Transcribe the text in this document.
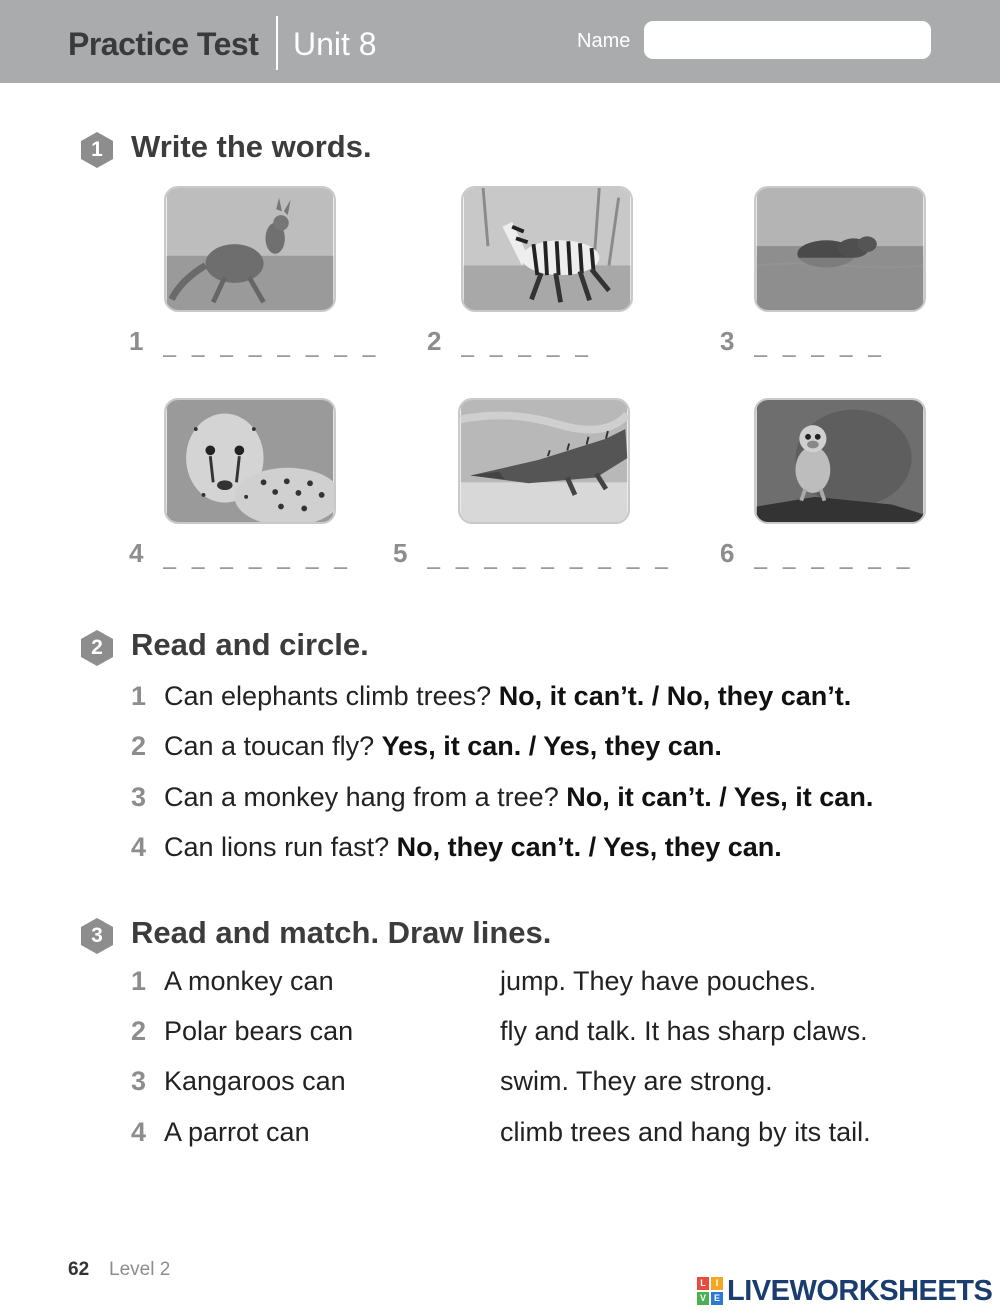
Practice Test Unit 8	Name
1 Write the words.
1 _ _ _ _ _ _ _ _ 2 _ _ _ _ _	3 _ _ _ _ _
4 _ _ _ _ _ _ _ 5 _ _ _ _ _ _ _ _ _ 6 _ _ _ _ _ _
2 Read and circle.
1 Can elephants climb trees? No, it can’t. / No, they can’t.
2 Can a toucan fly? Yes, it can. / Yes, they can.
3 Can a monkey hang from a tree? No, it can’t. / Yes, it can.
4 Can lions run fast? No, they can’t. / Yes, they can.
3 Read and match. Draw lines.
1 A monkey can	jump. They have pouches.
2 Polar bears can	fly and talk. It has sharp claws.
3 Kangaroos can	swim. They are strong.
4 A parrot can	climb trees and hang by its tail.
62 Level 2
L	I
V E LIVEWORKSHEETS
